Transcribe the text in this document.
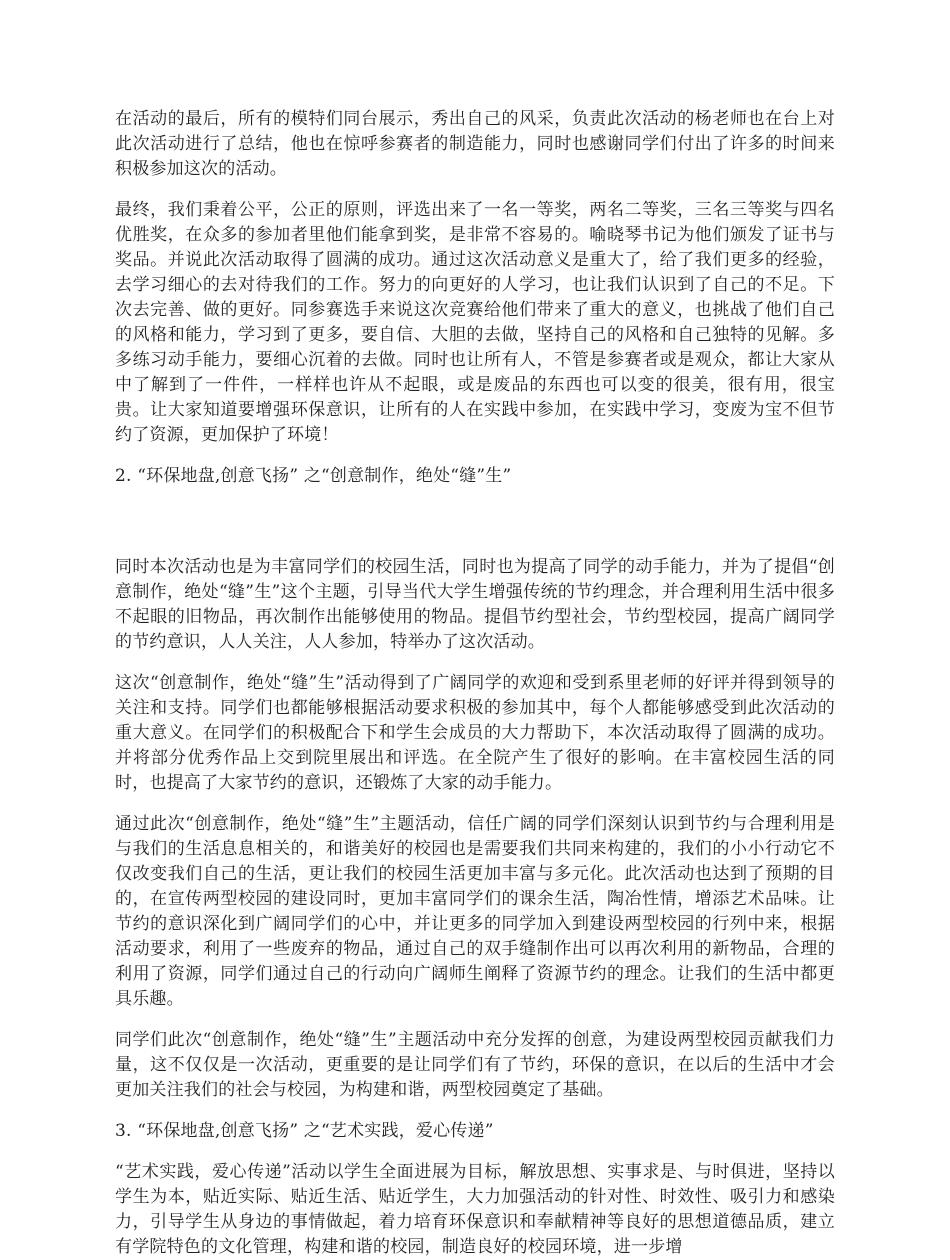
在活动的最后，所有的模特们同台展示，秀出自己的风采，负责此次活动的杨老师也在台上对此次活动进行了总结，他也在惊呼参赛者的制造能力，同时也感谢同学们付出了许多的时间来积极参加这次的活动。

最终，我们秉着公平，公正的原则，评选出来了一名一等奖，两名二等奖，三名三等奖与四名优胜奖，在众多的参加者里他们能拿到奖，是非常不容易的。喻晓琴书记为他们颁发了证书与奖品。并说此次活动取得了圆满的成功。通过这次活动意义是重大了，给了我们更多的经验，去学习细心的去对待我们的工作。努力的向更好的人学习，也让我们认识到了自己的不足。下次去完善、做的更好。同参赛选手来说这次竞赛给他们带来了重大的意义，也挑战了他们自己的风格和能力，学习到了更多，要自信、大胆的去做，坚持自己的风格和自己独特的见解。多多练习动手能力，要细心沉着的去做。同时也让所有人，不管是参赛者或是观众，都让大家从中了解到了一件件，一样样也许从不起眼，或是废品的东西也可以变的很美，很有用，很宝贵。让大家知道要增强环保意识，让所有的人在实践中参加，在实践中学习，变废为宝不但节约了资源，更加保护了环境！

2. “环保地盘,创意飞扬” 之“创意制作，绝处“缝”生”

同时本次活动也是为丰富同学们的校园生活，同时也为提高了同学的动手能力，并为了提倡“创意制作，绝处“缝”生”这个主题，引导当代大学生增强传统的节约理念，并合理利用生活中很多不起眼的旧物品，再次制作出能够使用的物品。提倡节约型社会，节约型校园，提高广阔同学的节约意识，人人关注，人人参加，特举办了这次活动。

这次“创意制作，绝处“缝”生”活动得到了广阔同学的欢迎和受到系里老师的好评并得到领导的关注和支持。同学们也都能够根据活动要求积极的参加其中，每个人都能够感受到此次活动的重大意义。在同学们的积极配合下和学生会成员的大力帮助下，本次活动取得了圆满的成功。并将部分优秀作品上交到院里展出和评选。在全院产生了很好的影响。在丰富校园生活的同时，也提高了大家节约的意识，还锻炼了大家的动手能力。

通过此次“创意制作，绝处“缝”生”主题活动，信任广阔的同学们深刻认识到节约与合理利用是与我们的生活息息相关的，和谐美好的校园也是需要我们共同来构建的，我们的小小行动它不仅改变我们自己的生活，更让我们的校园生活更加丰富与多元化。此次活动也达到了预期的目的，在宣传两型校园的建设同时，更加丰富同学们的课余生活，陶冶性情，增添艺术品味。让节约的意识深化到广阔同学们的心中，并让更多的同学加入到建设两型校园的行列中来，根据活动要求，利用了一些废弃的物品，通过自己的双手缝制作出可以再次利用的新物品，合理的利用了资源，同学们通过自己的行动向广阔师生阐释了资源节约的理念。让我们的生活中都更具乐趣。

同学们此次“创意制作，绝处“缝”生”主题活动中充分发挥的创意，为建设两型校园贡献我们力量，这不仅仅是一次活动，更重要的是让同学们有了节约，环保的意识，在以后的生活中才会更加关注我们的社会与校园，为构建和谐，两型校园奠定了基础。

3. “环保地盘,创意飞扬” 之“艺术实践，爱心传递”

“艺术实践，爱心传递”活动以学生全面进展为目标，解放思想、实事求是、与时俱进，坚持以学生为本，贴近实际、贴近生活、贴近学生，大力加强活动的针对性、时效性、吸引力和感染力，引导学生从身边的事情做起，着力培育环保意识和奉献精神等良好的思想道德品质，建立有学院特色的文化管理，构建和谐的校园，制造良好的校园环境，进一步增
